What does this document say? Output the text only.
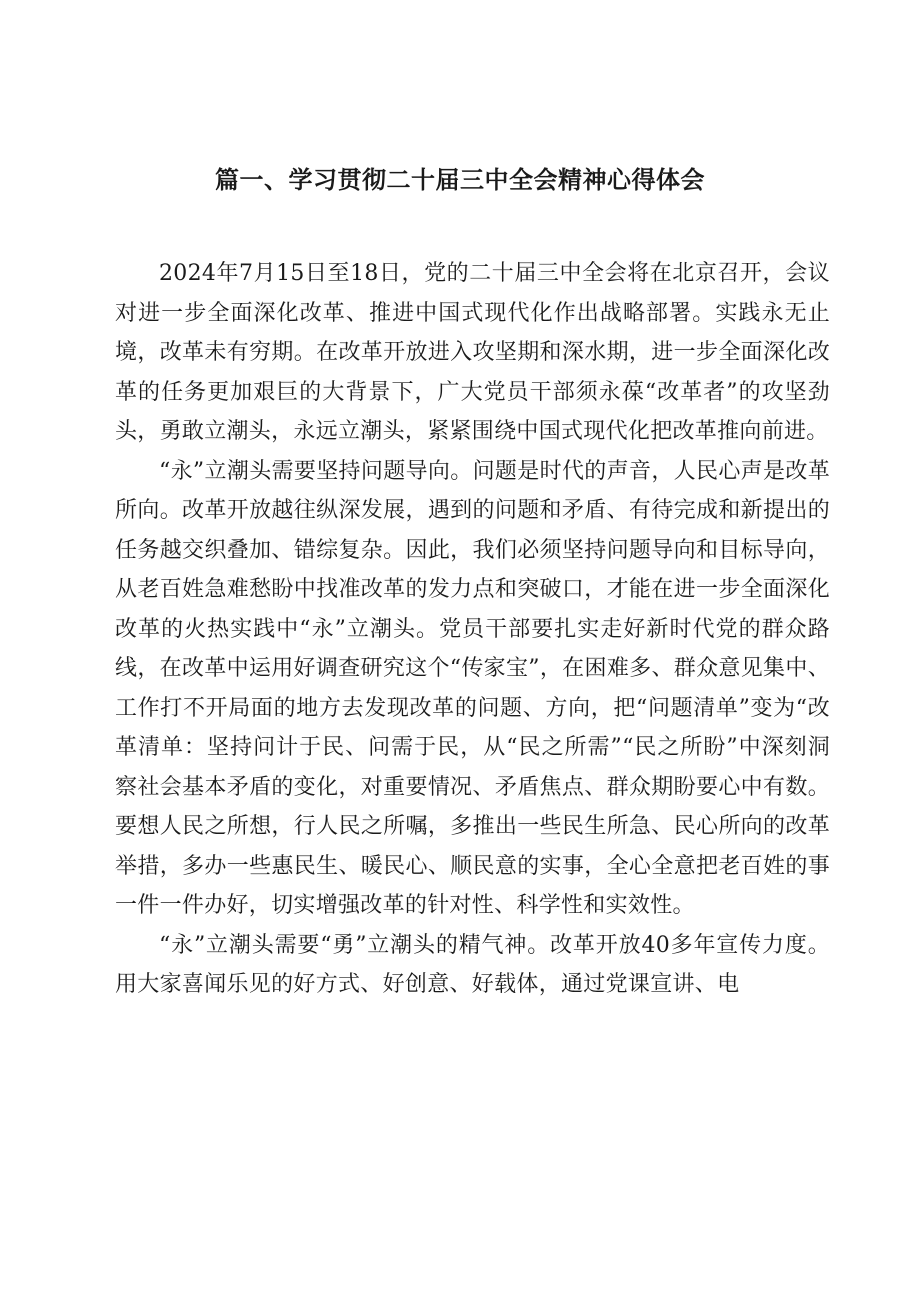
篇一、学习贯彻二十届三中全会精神心得体会

2024年7月15日至18日，党的二十届三中全会将在北京召开，会议对进一步全面深化改革、推进中国式现代化作出战略部署。实践永无止境，改革未有穷期。在改革开放进入攻坚期和深水期，进一步全面深化改革的任务更加艰巨的大背景下，广大党员干部须永葆“改革者”的攻坚劲头，勇敢立潮头，永远立潮头，紧紧围绕中国式现代化把改革推向前进。

“永”立潮头需要坚持问题导向。问题是时代的声音，人民心声是改革所向。改革开放越往纵深发展，遇到的问题和矛盾、有待完成和新提出的任务越交织叠加、错综复杂。因此，我们必须坚持问题导向和目标导向，从老百姓急难愁盼中找准改革的发力点和突破口，才能在进一步全面深化改革的火热实践中“永”立潮头。党员干部要扎实走好新时代党的群众路线，在改革中运用好调查研究这个“传家宝”，在困难多、群众意见集中、工作打不开局面的地方去发现改革的问题、方向，把“问题清单”变为“改革清单：坚持问计于民、问需于民，从“民之所需”“民之所盼”中深刻洞察社会基本矛盾的变化，对重要情况、矛盾焦点、群众期盼要心中有数。要想人民之所想，行人民之所嘱，多推出一些民生所急、民心所向的改革举措，多办一些惠民生、暖民心、顺民意的实事，全心全意把老百姓的事一件一件办好，切实增强改革的针对性、科学性和实效性。

“永”立潮头需要“勇”立潮头的精气神。改革开放40多年宣传力度。用大家喜闻乐见的好方式、好创意、好载体，通过党课宣讲、电
